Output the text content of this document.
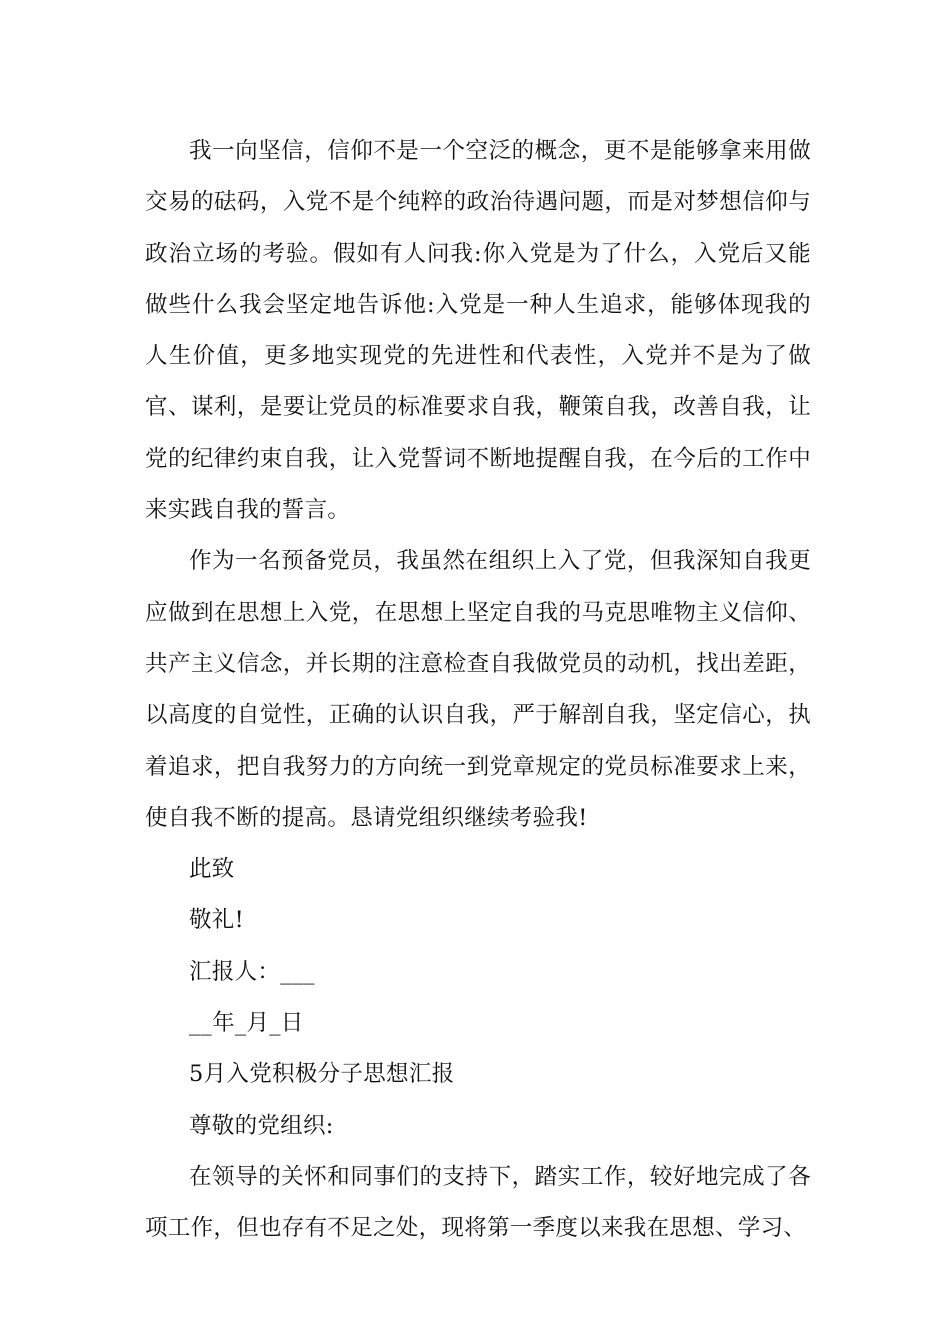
我一向坚信，信仰不是一个空泛的概念，更不是能够拿来用做交易的砝码，入党不是个纯粹的政治待遇问题，而是对梦想信仰与政治立场的考验。假如有人问我:你入党是为了什么，入党后又能做些什么我会坚定地告诉他:入党是一种人生追求，能够体现我的人生价值，更多地实现党的先进性和代表性，入党并不是为了做官、谋利，是要让党员的标准要求自我，鞭策自我，改善自我，让党的纪律约束自我，让入党誓词不断地提醒自我，在今后的工作中来实践自我的誓言。

作为一名预备党员，我虽然在组织上入了党，但我深知自我更应做到在思想上入党，在思想上坚定自我的马克思唯物主义信仰、共产主义信念，并长期的注意检查自我做党员的动机，找出差距，以高度的自觉性，正确的认识自我，严于解剖自我，坚定信心，执着追求，把自我努力的方向统一到党章规定的党员标准要求上来，使自我不断的提高。恳请党组织继续考验我!

此致

敬礼!

汇报人：___

__年_月_日

5月入党积极分子思想汇报

尊敬的党组织:

在领导的关怀和同事们的支持下，踏实工作，较好地完成了各项工作，但也存有不足之处，现将第一季度以来我在思想、学习、
